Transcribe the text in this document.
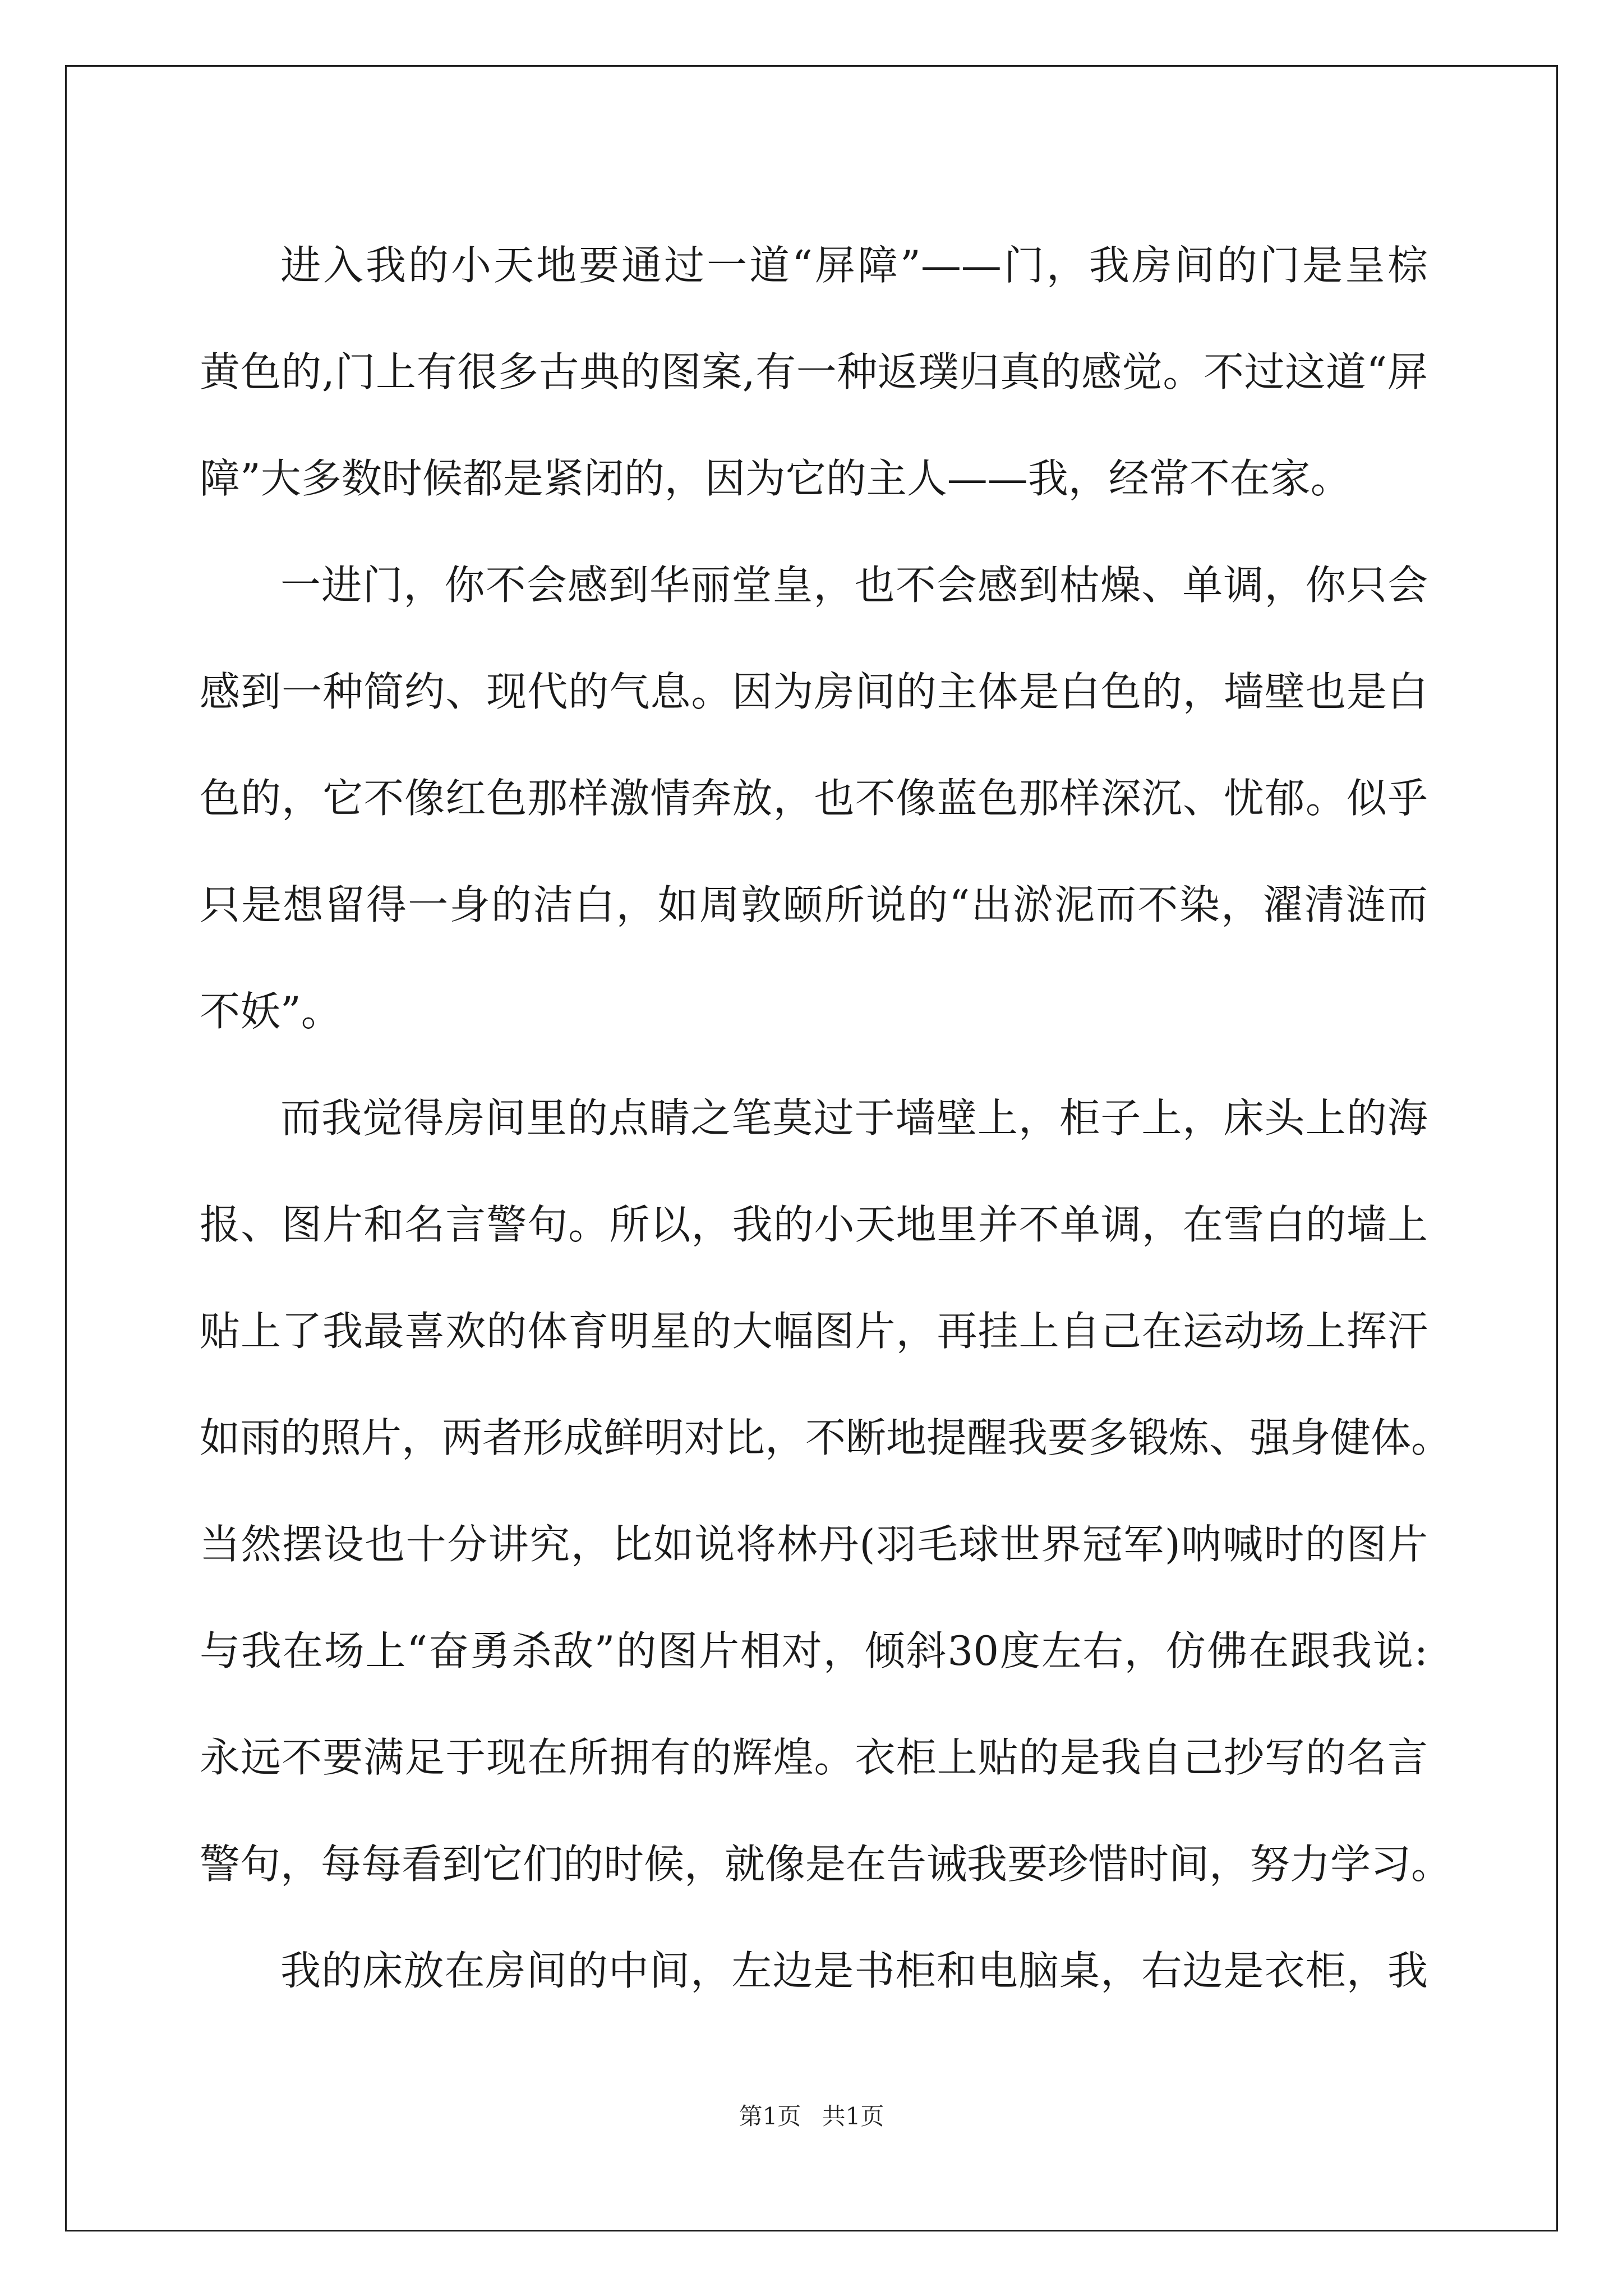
进入我的小天地要通过一道“屏障”——门，我房间的门是呈棕
黄色的,门上有很多古典的图案,有一种返璞归真的感觉。不过这道“屏
障”大多数时候都是紧闭的，因为它的主人——我，经常不在家。
一进门，你不会感到华丽堂皇，也不会感到枯燥、单调，你只会
感到一种简约、现代的气息。因为房间的主体是白色的，墙壁也是白
色的，它不像红色那样激情奔放，也不像蓝色那样深沉、忧郁。似乎
只是想留得一身的洁白，如周敦颐所说的“出淤泥而不染，濯清涟而
不妖”。
而我觉得房间里的点睛之笔莫过于墙壁上，柜子上，床头上的海
报、图片和名言警句。所以，我的小天地里并不单调，在雪白的墙上
贴上了我最喜欢的体育明星的大幅图片，再挂上自己在运动场上挥汗
如雨的照片，两者形成鲜明对比，不断地提醒我要多锻炼、强身健体。
当然摆设也十分讲究，比如说将林丹(羽毛球世界冠军)呐喊时的图片
与我在场上“奋勇杀敌”的图片相对，倾斜30度左右，仿佛在跟我说:
永远不要满足于现在所拥有的辉煌。衣柜上贴的是我自己抄写的名言
警句，每每看到它们的时候，就像是在告诫我要珍惜时间，努力学习。
我的床放在房间的中间，左边是书柜和电脑桌，右边是衣柜，我
第1页 共1页
